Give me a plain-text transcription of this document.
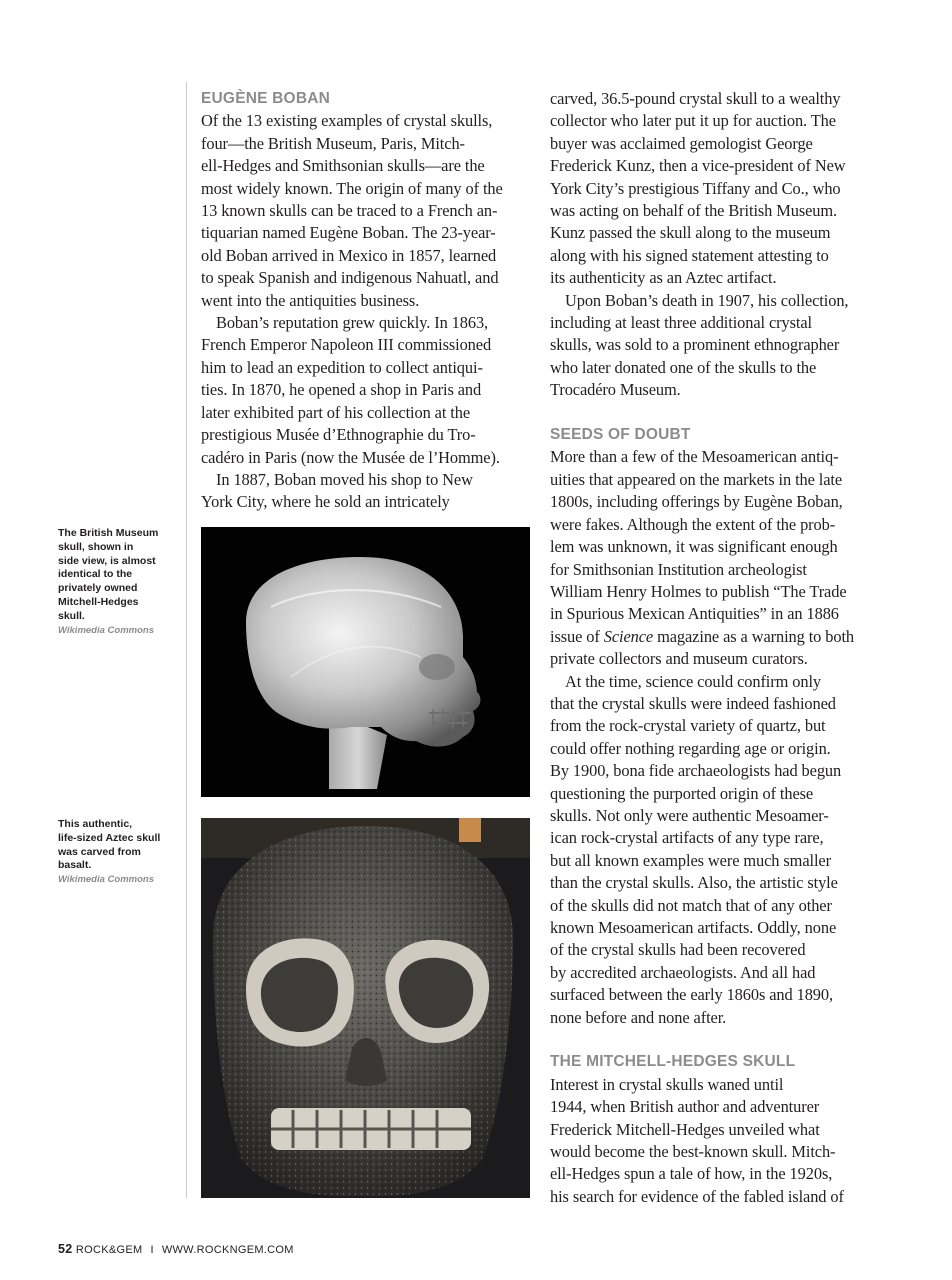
EUGÈNE BOBAN

Of the 13 existing examples of crystal skulls,
four—the British Museum, Paris, Mitch-
ell-Hedges and Smithsonian skulls—are the
most widely known. The origin of many of the
13 known skulls can be traced to a French an-
tiquarian named Eugène Boban. The 23-year-
old Boban arrived in Mexico in 1857, learned
to speak Spanish and indigenous Nahuatl, and
went into the antiquities business.

Boban’s reputation grew quickly. In 1863,
French Emperor Napoleon III commissioned
him to lead an expedition to collect antiqui-
ties. In 1870, he opened a shop in Paris and
later exhibited part of his collection at the
prestigious Musée d’Ethnographie du Tro-
cadéro in Paris (now the Musée de l’Homme).

In 1887, Boban moved his shop to New
York City, where he sold an intricately

The British Museum
skull, shown in
side view, is almost
identical to the
privately owned
Mitchell-Hedges
skull.
Wikimedia Commons
This authentic,
life-sized Aztec skull
was carved from
basalt.
Wikimedia Commons

carved, 36.5-pound crystal skull to a wealthy
collector who later put it up for auction. The
buyer was acclaimed gemologist George
Frederick Kunz, then a vice-president of New
York City’s prestigious Tiffany and Co., who
was acting on behalf of the British Museum.
Kunz passed the skull along to the museum
along with his signed statement attesting to
its authenticity as an Aztec artifact.

Upon Boban’s death in 1907, his collection,
including at least three additional crystal
skulls, was sold to a prominent ethnographer
who later donated one of the skulls to the
Trocadéro Museum.

SEEDS OF DOUBT

More than a few of the Mesoamerican antiq-
uities that appeared on the markets in the late
1800s, including offerings by Eugène Boban,
were fakes. Although the extent of the prob-
lem was unknown, it was significant enough
for Smithsonian Institution archeologist
William Henry Holmes to publish “The Trade
in Spurious Mexican Antiquities” in an 1886
issue of Science magazine as a warning to both
private collectors and museum curators.

At the time, science could confirm only
that the crystal skulls were indeed fashioned
from the rock-crystal variety of quartz, but
could offer nothing regarding age or origin.
By 1900, bona fide archaeologists had begun
questioning the purported origin of these
skulls. Not only were authentic Mesoamer-
ican rock-crystal artifacts of any type rare,
but all known examples were much smaller
than the crystal skulls. Also, the artistic style
of the skulls did not match that of any other
known Mesoamerican artifacts. Oddly, none
of the crystal skulls had been recovered
by accredited archaeologists. And all had
surfaced between the early 1860s and 1890,
none before and none after.

THE MITCHELL-HEDGES SKULL

Interest in crystal skulls waned until
1944, when British author and adventurer
Frederick Mitchell-Hedges unveiled what
would become the best-known skull. Mitch-
ell-Hedges spun a tale of how, in the 1920s,
his search for evidence of the fabled island of

52 ROCK&GEM I WWW.ROCKNGEM.COM
